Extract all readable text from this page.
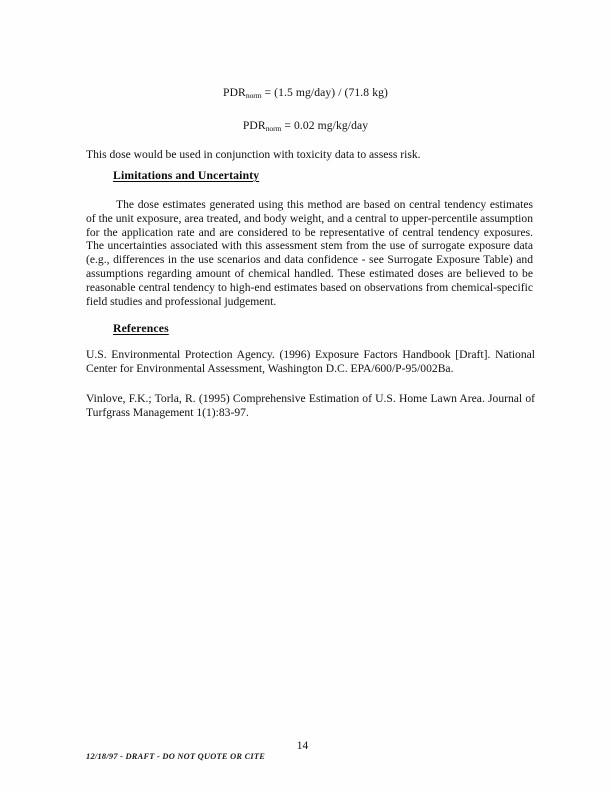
$PDR_{norm} = (1.5$ mg/day) / (71.8 kg)
$PDR_{norm} = 0.02$ mg/kg/day
This dose would be used in conjunction with toxicity data to assess risk.
Limitations and Uncertainty
The dose estimates generated using this method are based on central tendency estimates of the unit exposure, area treated, and body weight, and a central to upper-percentile assumption for the application rate and are considered to be representative of central tendency exposures. The uncertainties associated with this assessment stem from the use of surrogate exposure data (e.g., differences in the use scenarios and data confidence - see Surrogate Exposure Table) and assumptions regarding amount of chemical handled. These estimated doses are believed to be reasonable central tendency to high-end estimates based on observations from chemical-specific field studies and professional judgement.
References
U.S. Environmental Protection Agency. (1996) Exposure Factors Handbook [Draft]. National Center for Environmental Assessment, Washington D.C. EPA/600/P-95/002Ba.
Vinlove, F.K.; Torla, R. (1995) Comprehensive Estimation of U.S. Home Lawn Area. Journal of Turfgrass Management 1(1):83-97.
12/18/97 - DRAFT - DO NOT QUOTE OR CITE
14
